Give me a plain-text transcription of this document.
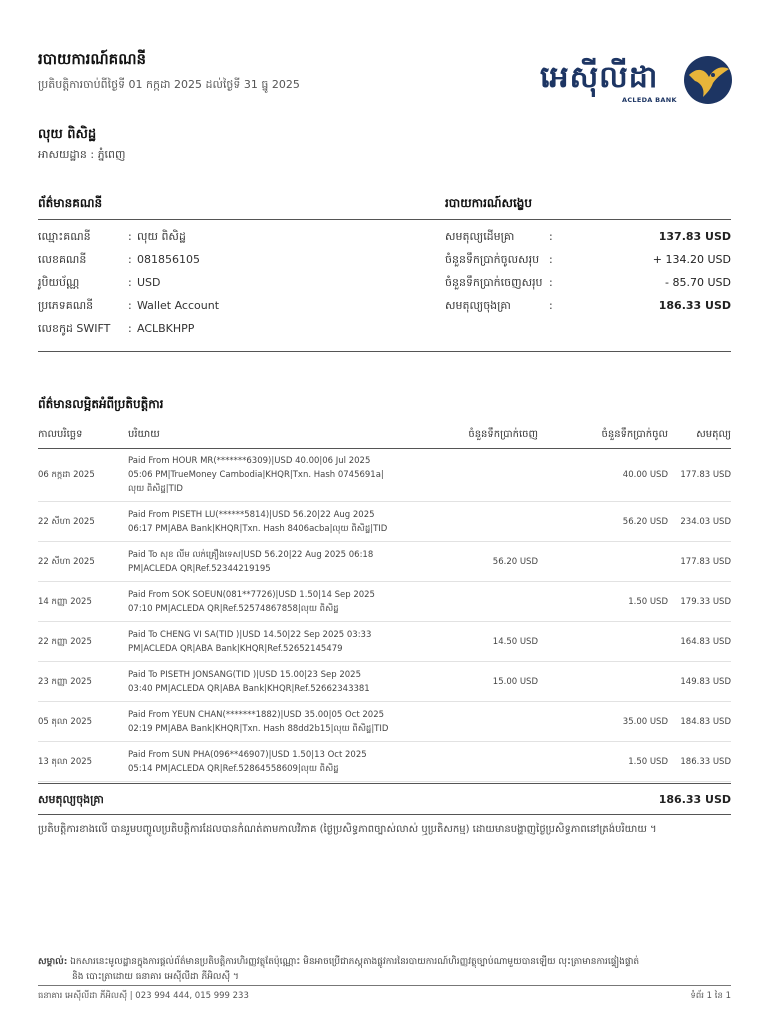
របាយការណ៍គណនី
ប្រតិបត្តិការចាប់ពីថ្ងៃទី 01 កក្កដា 2025 ដល់ថ្ងៃទី 31 ធ្នូ 2025	អេស៊ីលីដា
ACLEDA BANK
លុយ ពិសិដ្ឋ
អាសយដ្ឋាន : ភ្នំពេញ
ព័ត៌មានគណនី	របាយការណ៍សង្ខេប
ឈ្មោះគណនី	: លុយ ពិសិដ្ឋ
លេខគណនី	: 081856105
រូបិយប័ណ្ណ	: USD
ប្រភេទគណនី	: Wallet Account
លេខកូដ SWIFT : ACLBKHPP
សមតុល្យដើមគ្រា	:	137.83 USD
ចំនួនទឹកប្រាក់ចូលសរុប :	+ 134.20 USD
ចំនួនទឹកប្រាក់ចេញសរុប :	- 85.70 USD
សមតុល្យចុងគ្រា	:	186.33 USD
ព័ត៌មានលម្អិតអំពីប្រតិបត្តិការ
កាលបរិច្ឆេទ	បរិយាយ	ចំនួនទឹកប្រាក់ចេញ	ចំនួនទឹកប្រាក់ចូល	សមតុល្យ
06 កក្កដា 2025	Paid From HOUR MR(*******6309)|USD 40.00|06 Jul 2025
05:06 PM|TrueMoney Cambodia|KHQR|Txn. Hash 0745691a|
លុយ ពិសិដ្ឋ|TID		40.00 USD	177.83 USD
22 សីហា 2025	Paid From PISETH LU(******5814)|USD 56.20|22 Aug 2025
06:17 PM|ABA Bank|KHQR|Txn. Hash 8406acba|លុយ ពិសិដ្ឋ|TID		56.20 USD	234.03 USD
22 សីហា 2025	Paid To សុខ លីម លក់គ្រឿងទេស|USD 56.20|22 Aug 2025 06:18
PM|ACLEDA QR|Ref.52344219195	56.20 USD		177.83 USD
14 កញ្ញា 2025	Paid From SOK SOEUN(081**7726)|USD 1.50|14 Sep 2025
07:10 PM|ACLEDA QR|Ref.52574867858|លុយ ពិសិដ្ឋ		1.50 USD	179.33 USD
22 កញ្ញា 2025	Paid To CHENG VI SA(TID )|USD 14.50|22 Sep 2025 03:33
PM|ACLEDA QR|ABA Bank|KHQR|Ref.52652145479	14.50 USD		164.83 USD
23 កញ្ញា 2025	Paid To PISETH JONSANG(TID )|USD 15.00|23 Sep 2025
03:40 PM|ACLEDA QR|ABA Bank|KHQR|Ref.52662343381	15.00 USD		149.83 USD
05 តុលា 2025	Paid From YEUN CHAN(*******1882)|USD 35.00|05 Oct 2025
02:19 PM|ABA Bank|KHQR|Txn. Hash 88dd2b15|លុយ ពិសិដ្ឋ|TID		35.00 USD	184.83 USD
13 តុលា 2025	Paid From SUN PHA(096**46907)|USD 1.50|13 Oct 2025
05:14 PM|ACLEDA QR|Ref.52864558609|លុយ ពិសិដ្ឋ		1.50 USD	186.33 USD
សមតុល្យចុងគ្រា	186.33 USD
ប្រតិបត្តិការខាងលើ បានរួមបញ្ចូលប្រតិបត្តិការដែលបានកំណត់តាមកាលវិភាគ (ថ្ងៃប្រសិទ្ធភាពច្បាស់លាស់ ឬប្រតិសកម្ម) ដោយមានបង្ហាញថ្ងៃប្រសិទ្ធភាពនៅត្រង់បរិយាយ ។
សម្គាល់: ឯកសារនេះមូលដ្ឋានក្នុងការផ្តល់ព័ត៌មានប្រតិបត្តិការហិរញ្ញវត្ថុតែប៉ុណ្ណោះ មិនអាចប្រើជាភស្តុតាងផ្លូវការនៃរបាយការណ៍ហិរញ្ញវត្ថុច្បាប់ណាមួយបានឡើយ លុះត្រាមានការផ្ទៀងផ្ទាត់
និង បោះត្រាដោយ ធនាគារ អេស៊ីលីដា ភីអិលស៊ី ។
ធនាគារ អេស៊ីលីដា ភីអិលស៊ី | 023 994 444, 015 999 233	ទំព័រ 1 នៃ 1
